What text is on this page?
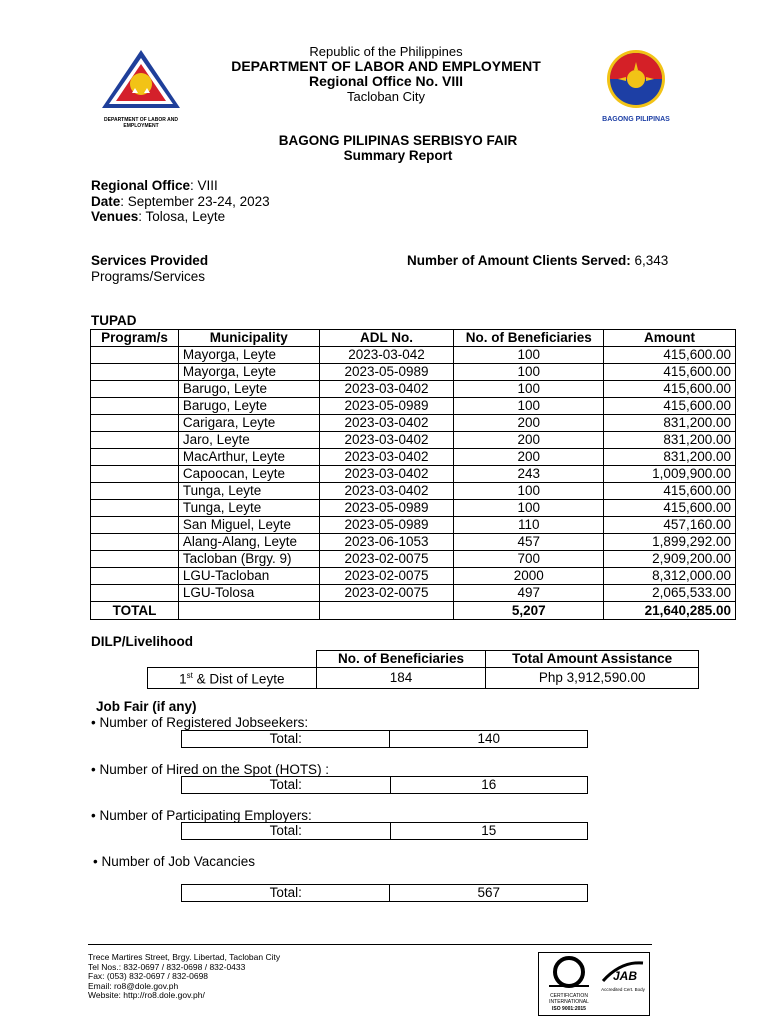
DEPARTMENT OF LABOR AND EMPLOYMENT
Republic of the Philippines
DEPARTMENT OF LABOR AND EMPLOYMENT
Regional Office No. VIII
Tacloban City
BAGONG PILIPINAS
BAGONG PILIPINAS SERBISYO FAIR
Summary Report
Regional Office: VIII
Date: September 23-24, 2023
Venues: Tolosa, Leyte
Services Provided
Programs/Services
Number of Amount Clients Served: 6,343
TUPAD
Program/s	Municipality	ADL No.	No. of Beneficiaries	Amount
	Mayorga, Leyte	2023-03-042	100	415,600.00
	Mayorga, Leyte	2023-05-0989	100	415,600.00
	Barugo, Leyte	2023-03-0402	100	415,600.00
	Barugo, Leyte	2023-05-0989	100	415,600.00
	Carigara, Leyte	2023-03-0402	200	831,200.00
	Jaro, Leyte	2023-03-0402	200	831,200.00
	MacArthur, Leyte	2023-03-0402	200	831,200.00
	Capoocan, Leyte	2023-03-0402	243	1,009,900.00
	Tunga, Leyte	2023-03-0402	100	415,600.00
	Tunga, Leyte	2023-05-0989	100	415,600.00
	San Miguel, Leyte	2023-05-0989	110	457,160.00
	Alang-Alang, Leyte	2023-06-1053	457	1,899,292.00
	Tacloban (Brgy. 9)	2023-02-0075	700	2,909,200.00
	LGU-Tacloban	2023-02-0075	2000	8,312,000.00
	LGU-Tolosa	2023-02-0075	497	2,065,533.00
TOTAL			5,207	21,640,285.00
DILP/Livelihood
	No. of Beneficiaries	Total Amount Assistance
1st & Dist of Leyte	184	Php 3,912,590.00
Job Fair (if any)
• Number of Registered Jobseekers:
Total:	140
• Number of Hired on the Spot (HOTS) :
Total:	16
• Number of Participating Employers:
Total:	15
• Number of Job Vacancies
Total:	567
Trece Martires Street, Brgy. Libertad, Tacloban City
Tel Nos.: 832-0697 / 832-0698 / 832-0433
Fax: (053) 832-0697 / 832-0698
Email: ro8@dole.gov.ph
Website: http://ro8.dole.gov.ph/	CERTIFICATION INTERNATIONAL
ISO 9001:2015
JAB
Accredited Cert. Body
